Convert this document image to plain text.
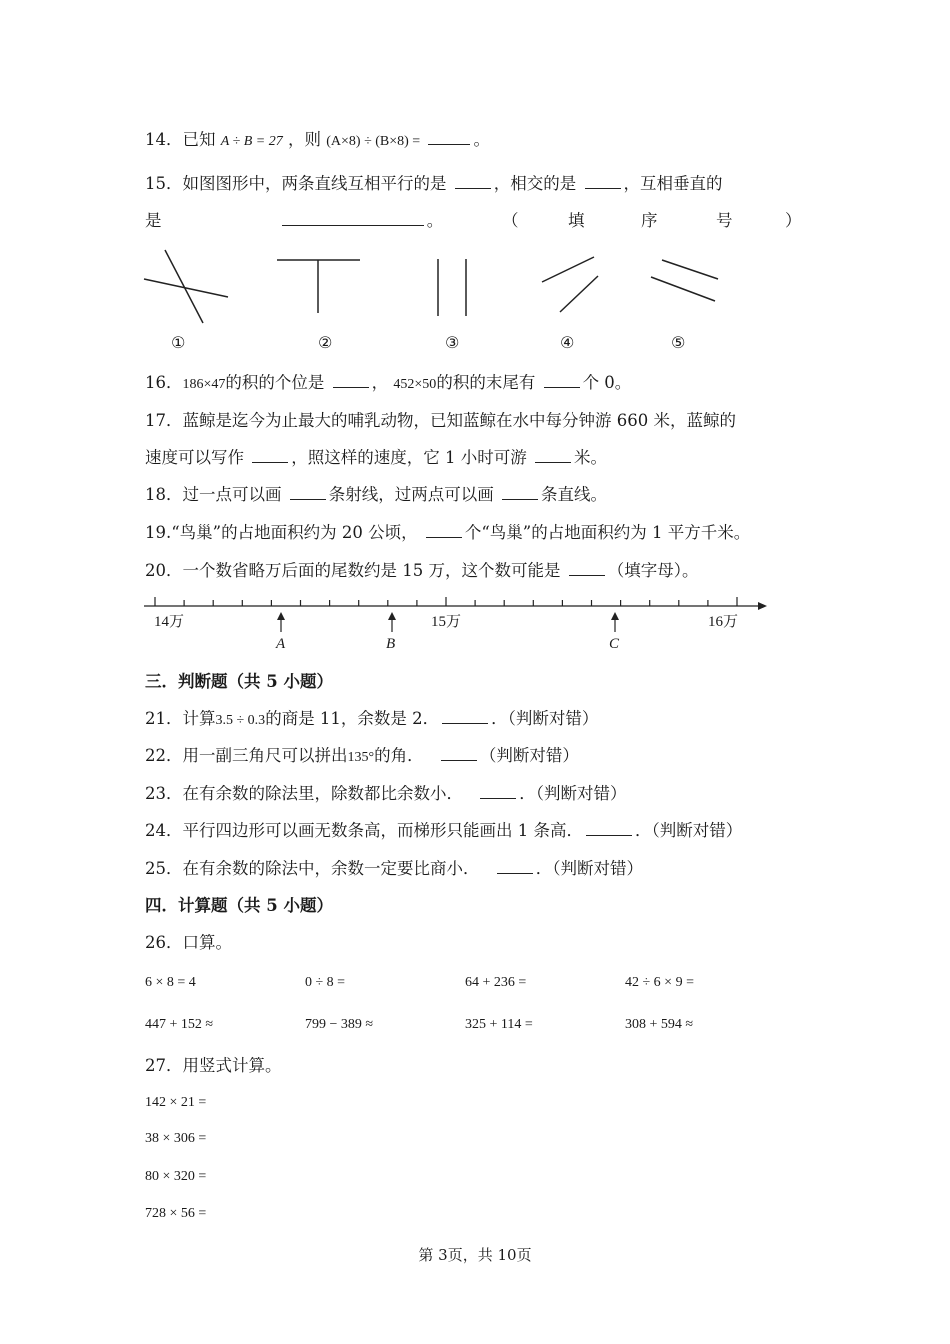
14．已知 A ÷ B = 27 ，则 (A×8) ÷ (B×8) =	。
15．如图图形中，两条直线互相平行的是	，相交的是	，互相垂直的
是	。	（	填	序	号	）
①	②	③	④	⑤
16．186×47的积的个位是	， 452×50的积的末尾有	个 0。
17．蓝鲸是迄今为止最大的哺乳动物，已知蓝鲸在水中每分钟游 660 米，蓝鲸的
速度可以写作	，照这样的速度，它 1 小时可游	米。
18．过一点可以画	条射线，过两点可以画	条直线。
19.“鸟巢”的占地面积约为 20 公顷，	个“鸟巢”的占地面积约为 1 平方千米。
20．一个数省略万后面的尾数约是 15 万，这个数可能是	（填字母）。
14万	15万	16万
A	B	C
三．判断题（共 5 小题）
21．计算3.5 ÷ 0.3的商是 11，余数是 2．	．（判断对错）
22．用一副三角尺可以拼出135°的角．	（判断对错）
23．在有余数的除法里，除数都比余数小．	．（判断对错）
24．平行四边形可以画无数条高，而梯形只能画出 1 条高．	．（判断对错）
25．在有余数的除法中，余数一定要比商小．	．（判断对错）
四．计算题（共 5 小题）
26．口算。
6 × 8 = 4	0 ÷ 8 =	64 + 236 =	42 ÷ 6 × 9 =
447 + 152 ≈	799 − 389 ≈	325 + 114 =	308 + 594 ≈
27．用竖式计算。
142 × 21 =
38 × 306 =
80 × 320 =
728 × 56 =
第 3页，共 10页
